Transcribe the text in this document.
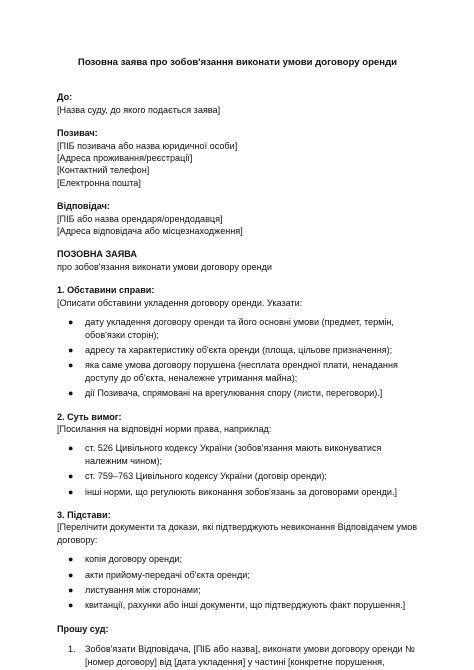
Позовна заява про зобов'язання виконати умови договору оренди
До:
[Назва суду, до якого подається заява]
Позивач:
[ПІБ позивача або назва юридичної особи]
[Адреса проживання/реєстрації]
[Контактний телефон]
[Електронна пошта]
Відповідач:
[ПІБ або назва орендаря/орендодавця]
[Адреса відповідача або місцезнаходження]
ПОЗОВНА ЗАЯВА
про зобов'язання виконати умови договору оренди
1. Обставини справи:

[Описати обставини укладення договору оренди. Указати:

● дату укладення договору оренди та його основні умови (предмет, термін, обов'язки сторін);
● адресу та характеристику об'єкта оренди (площа, цільове призначення);
● яка саме умова договору порушена (несплата орендної плати, ненадання доступу до об'єкта, неналежне утримання майна);
● дії Позивача, спрямовані на врегулювання спору (листи, переговори).]
2. Суть вимог:

[Посилання на відповідні норми права, наприклад:

● ст. 526 Цивільного кодексу України (зобов'язання мають виконуватися належним чином);
● ст. 759–763 Цивільного кодексу України (договір оренди);
● інші норми, що регулюють виконання зобов'язань за договорами оренди.]
3. Підстави:

[Перелічити документи та докази, які підтверджують невиконання Відповідачем умов договору:

● копія договору оренди;
● акти прийому-передачі об'єкта оренди;
● листування між сторонами;
● квитанції, рахунки або інші документи, що підтверджують факт порушення.]
Прошу суд:
1. Зобов'язати Відповідача, [ПІБ або назва], виконати умови договору оренди №[номер договору] від [дата укладення] у частині [конкретне порушення,
